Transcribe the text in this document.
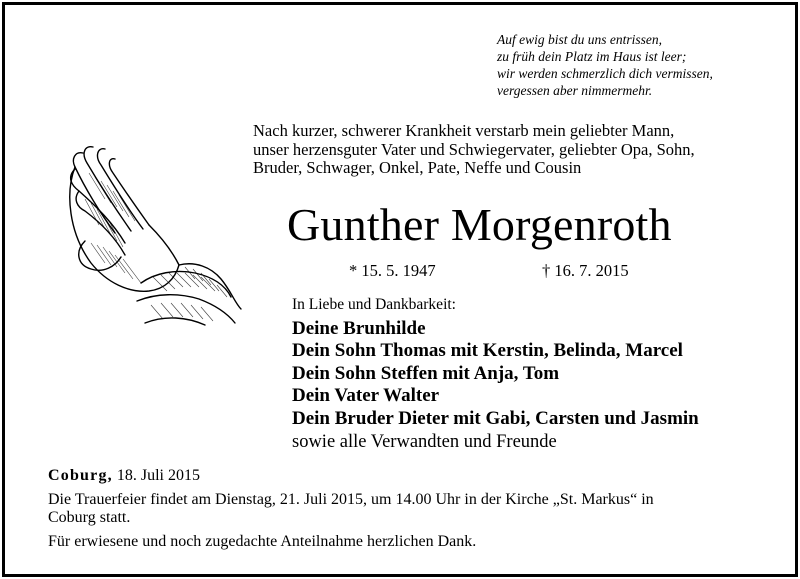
Auf ewig bist du uns entrissen,
zu früh dein Platz im Haus ist leer;
wir werden schmerzlich dich vermissen,
vergessen aber nimmermehr.
Nach kurzer, schwerer Krankheit verstarb mein geliebter Mann,
unser herzensguter Vater und Schwiegervater, geliebter Opa, Sohn,
Bruder, Schwager, Onkel, Pate, Neffe und Cousin
Gunther Morgenroth
* 15. 5. 1947	† 16. 7. 2015
In Liebe und Dankbarkeit:
Deine Brunhilde
Dein Sohn Thomas mit Kerstin, Belinda, Marcel
Dein Sohn Steffen mit Anja, Tom
Dein Vater Walter
Dein Bruder Dieter mit Gabi, Carsten und Jasmin
sowie alle Verwandten und Freunde
Coburg, 18. Juli 2015
Die Trauerfeier findet am Dienstag, 21. Juli 2015, um 14.00 Uhr in der Kirche „St. Markus“ in
Coburg statt.
Für erwiesene und noch zugedachte Anteilnahme herzlichen Dank.
